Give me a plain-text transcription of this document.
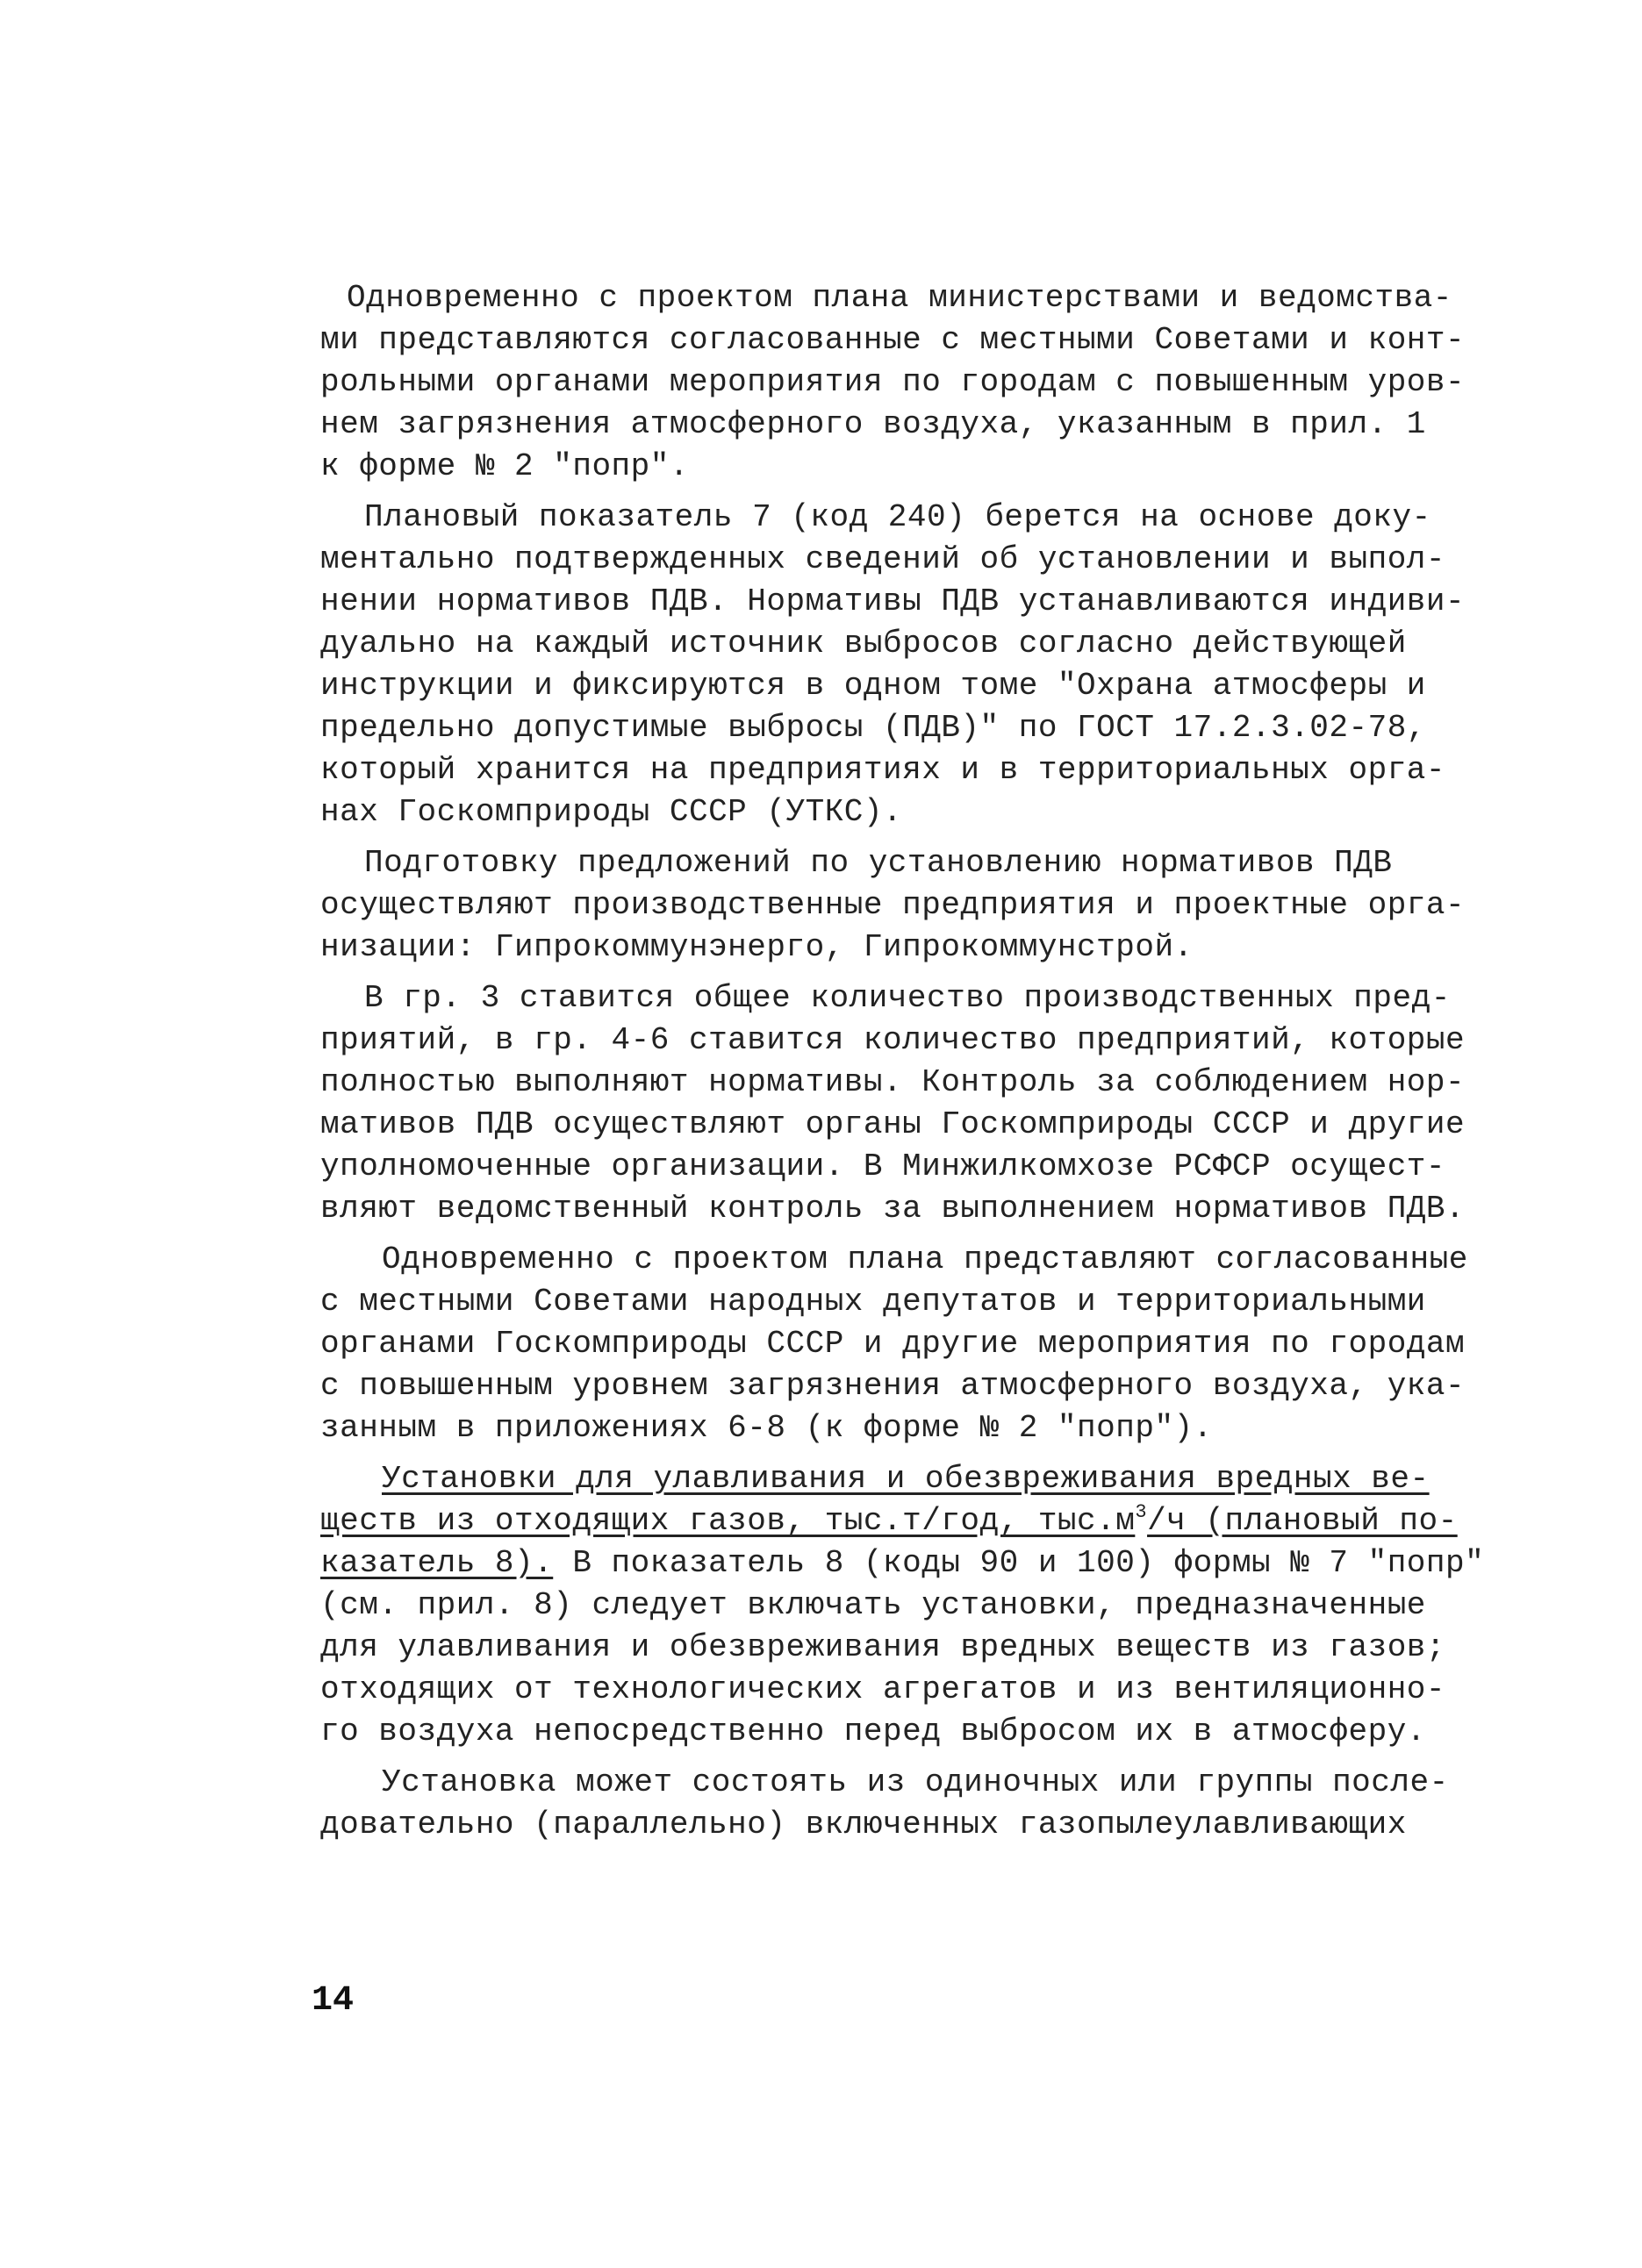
Одновременно с проектом плана министерствами и ведомства-

ми представляются согласованные с местными Советами и конт-

рольными органами мероприятия по городам с повышенным уров-

нем загрязнения атмосферного воздуха, указанным в прил. 1

к форме № 2 "попр".

Плановый показатель 7 (код 240) берется на основе доку-

ментально подтвержденных сведений об установлении и выпол-

нении нормативов ПДВ. Нормативы ПДВ устанавливаются индиви-

дуально на каждый источник выбросов согласно действующей

инструкции и фиксируются в одном томе "Охрана атмосферы и

предельно допустимые выбросы (ПДВ)" по ГОСТ 17.2.3.02-78,

который хранится на предприятиях и в территориальных орга-

нах Госкомприроды СССР (УТКС).

Подготовку предложений по установлению нормативов ПДВ

осуществляют производственные предприятия и проектные орга-

низации: Гипрокоммунэнерго, Гипрокоммунстрой.

В гр. 3 ставится общее количество производственных пред-

приятий, в гр. 4-6 ставится количество предприятий, которые

полностью выполняют нормативы. Контроль за соблюдением нор-

мативов ПДВ осуществляют органы Госкомприроды СССР и другие

уполномоченные организации. В Минжилкомхозе РСФСР осущест-

вляют ведомственный контроль за выполнением нормативов ПДВ.

Одновременно с проектом плана представляют согласованные

с местными Советами народных депутатов и территориальными

органами Госкомприроды СССР и другие мероприятия по городам

с повышенным уровнем загрязнения атмосферного воздуха, ука-

занным в приложениях 6-8 (к форме № 2 "попр").

Установки для улавливания и обезвреживания вредных ве-

ществ из отходящих газов, тыс.т/год, $тыс.м^3/ч$ (плановый по-

казатель 8). В показатель 8 (коды 90 и 100) формы № 7 "попр"

(см. прил. 8) следует включать установки, предназначенные

для улавливания и обезвреживания вредных веществ из газов;

отходящих от технологических агрегатов и из вентиляционно-

го воздуха непосредственно перед выбросом их в атмосферу.

Установка может состоять из одиночных или группы после-

довательно (параллельно) включенных газопылеулавливающих

14
